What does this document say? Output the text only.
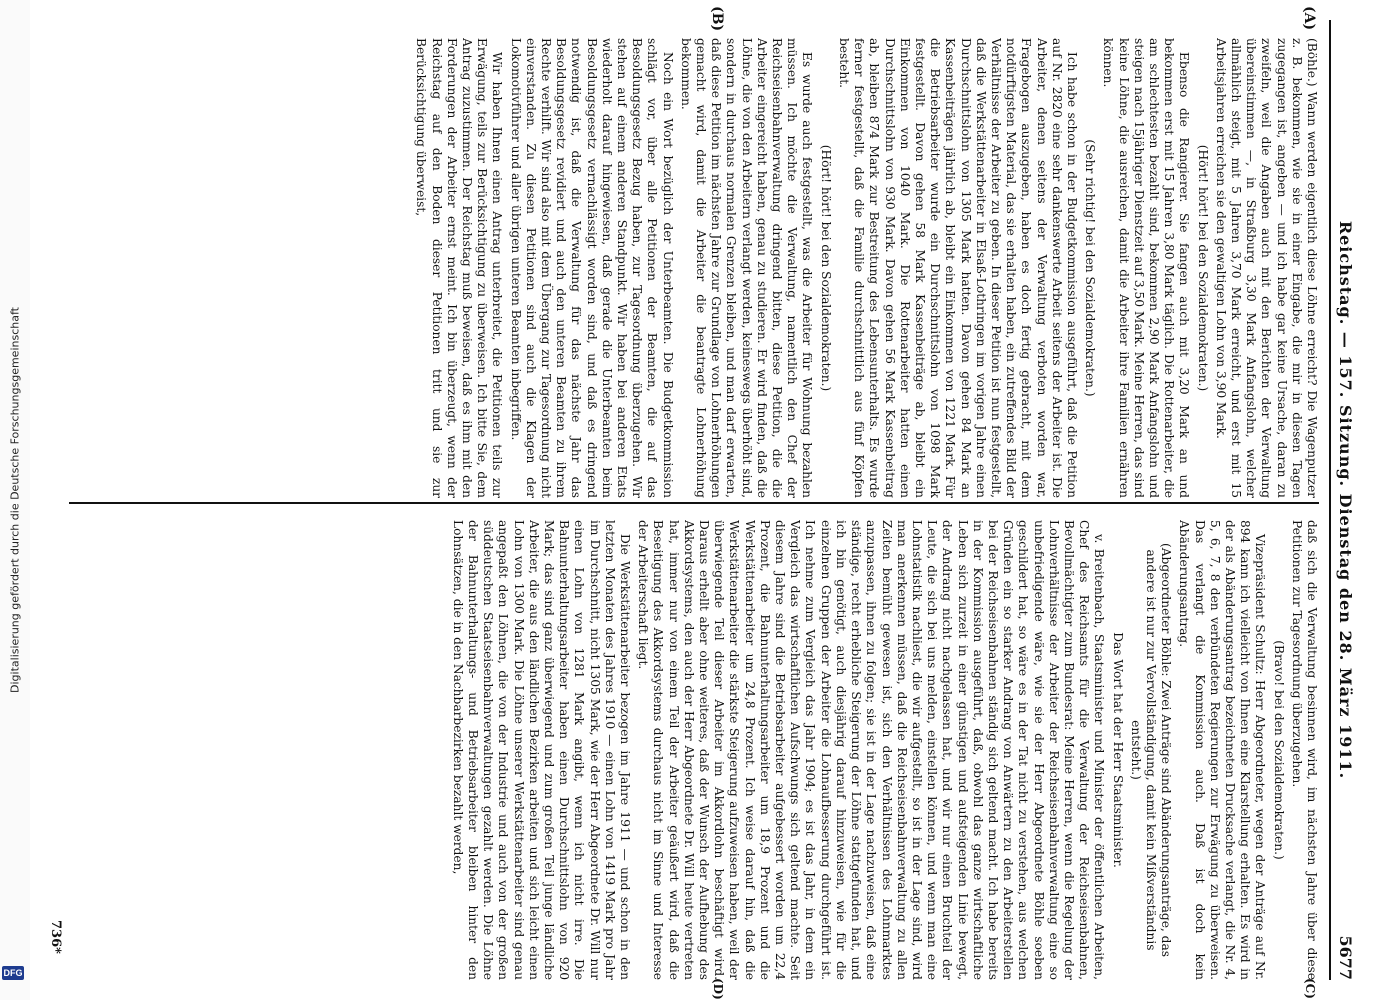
Digitalisierung gefördert durch die Deutsche Forschungsgemeinschaft
DFG
Reichstag. — 157. Sitzung. Dienstag den 28. März 1911.
5677
(A)
(B)
(C)
(D)

(Böhle.) Wann werden eigentlich diese Löhne erreicht? Die Wagenputzer z. B. bekommen, wie sie in einer Eingabe, die mir in diesen Tagen zugegangen ist, angeben — und ich habe gar keine Ursache, daran zu zweifeln, weil die Angaben auch mit den Berichten der Verwaltung übereinstimmen —, in Straßburg 3,30 Mark Anfangslohn, welcher allmählich steigt, mit 5 Jahren 3,70 Mark erreicht, und erst mit 15 Arbeitsjahren erreichen sie den gewaltigen Lohn von 3,90 Mark.

(Hört! hört! bei den Sozialdemokraten.)

Ebenso die Rangierer. Sie fangen auch mit 3,20 Mark an und bekommen erst mit 15 Jahren 3,80 Mark täglich. Die Rottenarbeiter, die am schlechtesten bezahlt sind, bekommen 2,90 Mark Anfangslohn und steigen nach 15jähriger Dienstzeit auf 3,50 Mark. Meine Herren, das sind keine Löhne, die ausreichen, damit die Arbeiter ihre Familien ernähren können.

(Sehr richtig! bei den Sozialdemokraten.)

Ich habe schon in der Budgetkommission ausgeführt, daß die Petition auf Nr. 2820 eine sehr dankenswerte Arbeit seitens der Arbeiter ist. Die Arbeiter, denen seitens der Verwaltung verboten worden war, Fragebogen auszugeben, haben es doch fertig gebracht, mit dem notdürftigsten Material, das sie erhalten haben, ein zutreffendes Bild der Verhältnisse der Arbeiter zu geben. In dieser Petition ist nun festgestellt, daß die Werkstättenarbeiter in Elsaß-Lothringen im vorigen Jahre einen Durchschnittslohn von 1305 Mark hatten. Davon gehen 84 Mark an Kassenbeiträgen jährlich ab, bleibt ein Einkommen von 1221 Mark. Für die Betriebsarbeiter wurde ein Durchschnittslohn von 1098 Mark festgestellt. Davon gehen 58 Mark Kassenbeiträge ab, bleibt ein Einkommen von 1040 Mark. Die Rottenarbeiter hatten einen Durchschnittslohn von 930 Mark. Davon gehen 56 Mark Kassenbeitrag ab, bleiben 874 Mark zur Bestreitung des Lebensunterhalts. Es wurde ferner festgestellt, daß die Familie durchschnittlich aus fünf Köpfen besteht.

(Hört! hört! bei den Sozialdemokraten.)

Es wurde auch festgestellt, was die Arbeiter für Wohnung bezahlen müssen. Ich möchte die Verwaltung, namentlich den Chef der Reichseisenbahnverwaltung dringend bitten, diese Petition, die die Arbeiter eingereicht haben, genau zu studieren. Er wird finden, daß die Löhne, die von den Arbeitern verlangt werden, keineswegs überhöht sind, sondern in durchaus normalen Grenzen bleiben, und man darf erwarten, daß diese Petition im nächsten Jahre zur Grundlage von Lohnerhöhungen gemacht wird, damit die Arbeiter die beantragte Lohnerhöhung bekommen.

Noch ein Wort bezüglich der Unterbeamten. Die Budgetkommission schlägt vor, über alle Petitionen der Beamten, die auf das Besoldungsgesetz Bezug haben, zur Tagesordnung überzugehen. Wir stehen auf einem anderen Standpunkt. Wir haben bei anderen Etats wiederholt darauf hingewiesen, daß gerade die Unterbeamten beim Besoldungsgesetz vernachlässigt worden sind, und daß es dringend notwendig ist, daß die Verwaltung für das nächste Jahr das Besoldungsgesetz revidiert und auch den unteren Beamten zu ihrem Rechte verhilft. Wir sind also mit dem Übergang zur Tagesordnung nicht einverstanden. Zu diesen Petitionen sind auch die Klagen der Lokomotivführer und aller übrigen unteren Beamten inbegriffen.

Wir haben Ihnen einen Antrag unterbreitet, die Petitionen teils zur Erwägung, teils zur Berücksichtigung zu überweisen. Ich bitte Sie, dem Antrag zuzustimmen. Der Reichstag muß beweisen, daß es ihm mit den Forderungen der Arbeiter ernst meint. Ich bin überzeugt, wenn der Reichstag auf den Boden dieser Petitionen tritt und sie zur Berücksichtigung überweist,

daß sich die Verwaltung besinnen wird, im nächsten Jahre über diese Petitionen zur Tagesordnung überzugehen.

(Bravo! bei den Sozialdemokraten.)

Vizepräsident Schultz: Herr Abgeordneter, wegen der Anträge auf Nr. 894 kann ich vielleicht von Ihnen eine Klarstellung erhalten. Es wird in der als Abänderungsantrag bezeichneten Drucksache verlangt, die Nr. 4, 5, 6, 7, 8 den verbündeten Regierungen zur Erwägung zu überweisen. Das verlangt die Kommission auch. Daß ist doch kein Abänderungsantrag.

(Abgeordneter Böhle: Zwei Anträge sind Abänderungsanträge, das andere ist nur zur Vervollständigung, damit kein Mißverständnis entsteht.)

Das Wort hat der Herr Staatsminister.

v. Breitenbach, Staatsminister und Minister der öffentlichen Arbeiten, Chef des Reichsamts für die Verwaltung der Reichseisenbahnen, Bevollmächtigter zum Bundesrat: Meine Herren, wenn die Regelung der Lohnverhältnisse der Arbeiter der Reichseisenbahnverwaltung eine so unbefriedigende wäre, wie sie der Herr Abgeordnete Böhle soeben geschildert hat, so wäre es in der Tat nicht zu verstehen, aus welchen Gründen ein so starker Andrang von Anwärtern zu den Arbeiterstellen bei der Reichseisenbahnen ständig sich geltend macht. Ich habe bereits in der Kommission ausgeführt, daß, obwohl das ganze wirtschaftliche Leben sich zurzeit in einer günstigen und aufsteigenden Linie bewegt, der Andrang nicht nachgelassen hat, und wir nur einen Bruchteil der Leute, die sich bei uns melden, einstellen können, und wenn man eine Lohnstatistik nachliest, die wir aufgestellt, so ist in der Lage sind, wird man anerkennen müssen, daß die Reichseisenbahnverwaltung zu allen Zeiten bemüht gewesen ist, sich den Verhältnissen des Lohnmarktes anzupassen, ihnen zu folgen; sie ist in der Lage nachzuweisen, daß eine ständige, recht erhebliche Steigerung der Löhne stattgefunden hat, und ich bin genötigt, auch diesjährig darauf hinzuweisen, wie für die einzelnen Gruppen der Arbeiter die Lohnaufbesserung durchgeführt ist. Ich nehme zum Vergleich das Jahr 1904; es ist das Jahr, in dem ein Vergleich das wirtschaftlichen Aufschwungs sich geltend machte. Seit diesem Jahre sind die Betriebsarbeiter aufgebessert worden um 22,4 Prozent, die Bahnunterhaltungsarbeiter um 18,9 Prozent und die Werkstättenarbeiter um 24,8 Prozent. Ich weise darauf hin, daß die Werkstättenarbeiter die stärkste Steigerung aufzuweisen haben, weil der überwiegende Teil dieser Arbeiter im Akkordlohn beschäftigt wird. Daraus erhellt aber ohne weiteres, daß der Wunsch der Aufhebung des Akkordsystems, den auch der Herr Abgeordnete Dr. Will heute vertreten hat, immer nur von einem Teil der Arbeiter geäußert wird, daß die Beseitigung des Akkordsystems durchaus nicht im Sinne und Interesse der Arbeiterschaft liegt.

Die Werkstättenarbeiter bezogen im Jahre 1911 — und schon in den letzten Monaten des Jahres 1910 — einen Lohn von 1419 Mark pro Jahr im Durchschnitt, nicht 1305 Mark, wie der Herr Abgeordnete Dr. Will nur einen Lohn von 1281 Mark angibt, wenn ich nicht irre. Die Bahnunterhaltungsarbeiter haben einen Durchschnittslohn von 920 Mark; das sind ganz überwiegend und zum großen Teil junge ländliche Arbeiter, die aus den ländlichen Bezirken arbeiten und sich leicht einen Lohn von 1300 Mark. Die Löhne unserer Werkstättenarbeiter sind genau angepaßt den Löhnen, die von der Industrie und auch von der großen süddeutschen Staatseisenbahnverwaltungen gezahlt werden. Die Löhne der Bahnunterhaltungs- und Betriebsarbeiter bleiben hinter den Lohnsätzen, die in den Nachbarbezirken bezahlt werden,

736*
